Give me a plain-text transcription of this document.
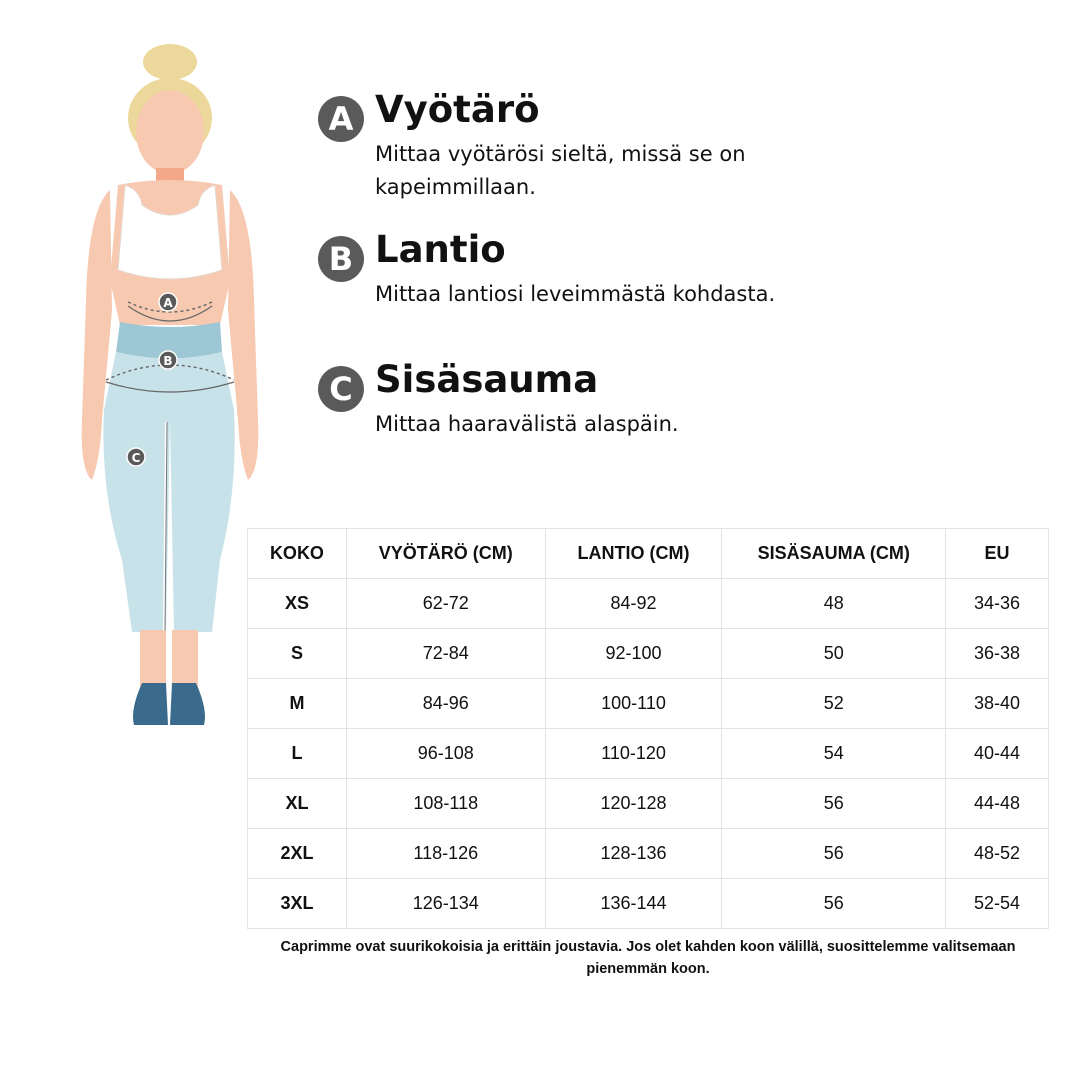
A
B
C
A Vyötärö
Mittaa vyötärösi sieltä, missä se on kapeimmillaan.
B Lantio
Mittaa lantiosi leveimmästä kohdasta.
C Sisäsauma
Mittaa haaravälistä alaspäin.
KOKO	VYÖTÄRÖ (CM)	LANTIO (CM)	SISÄSAUMA (CM)	EU
XS	62-72	84-92	48	34-36
S	72-84	92-100	50	36-38
M	84-96	100-110	52	38-40
L	96-108	110-120	54	40-44
XL	108-118	120-128	56	44-48
2XL	118-126	128-136	56	48-52
3XL	126-134	136-144	56	52-54
Caprimme ovat suurikokoisia ja erittäin joustavia. Jos olet kahden koon välillä, suosittelemme valitsemaan pienemmän koon.
